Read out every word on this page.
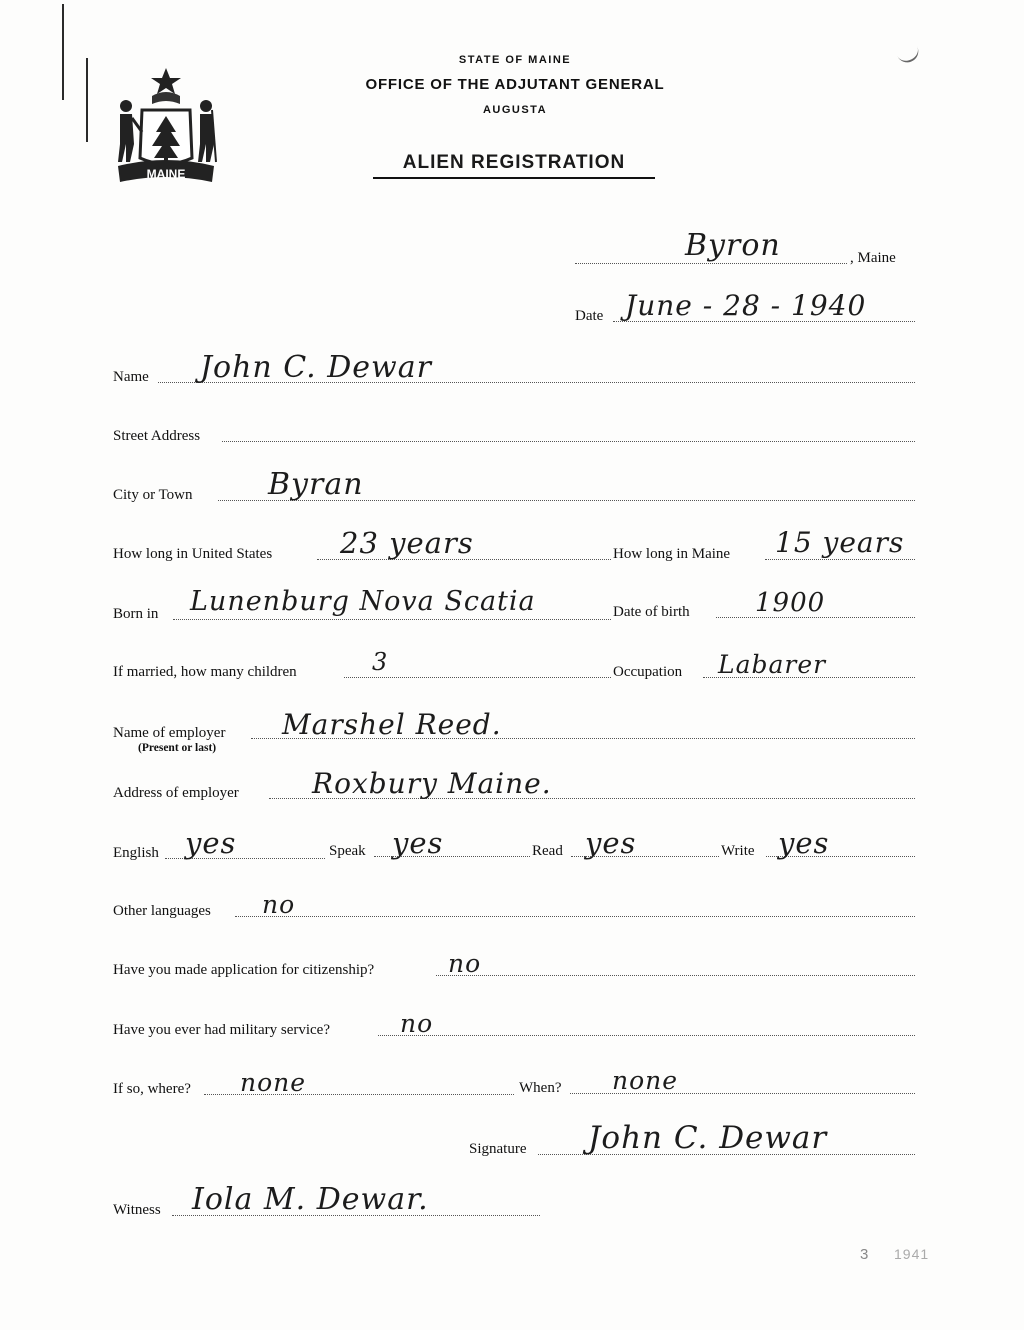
MAINE
STATE OF MAINE
OFFICE OF THE ADJUTANT GENERAL
AUGUSTA
ALIEN REGISTRATION
Byron	, Maine
Date June - 28 - 1940
Name John C. Dewar
Street Address
City or Town	Byran
How long in United States 23 years	How long in Maine 15 years
Born in Lunenburg Nova Scatia	Date of birth	1900
If married, how many children	3	Occupation Labarer
Name of employer
(Present or last)
Marshel Reed.
Address of employer	Roxbury Maine.
English yes	Speak yes	Read yes	Write yes
Other languages no
Have you made application for citizenship?	no
Have you ever had military service?	no
If so, where? none	When? none
Signature John C. Dewar
Witness Iola M. Dewar.
3 1941
